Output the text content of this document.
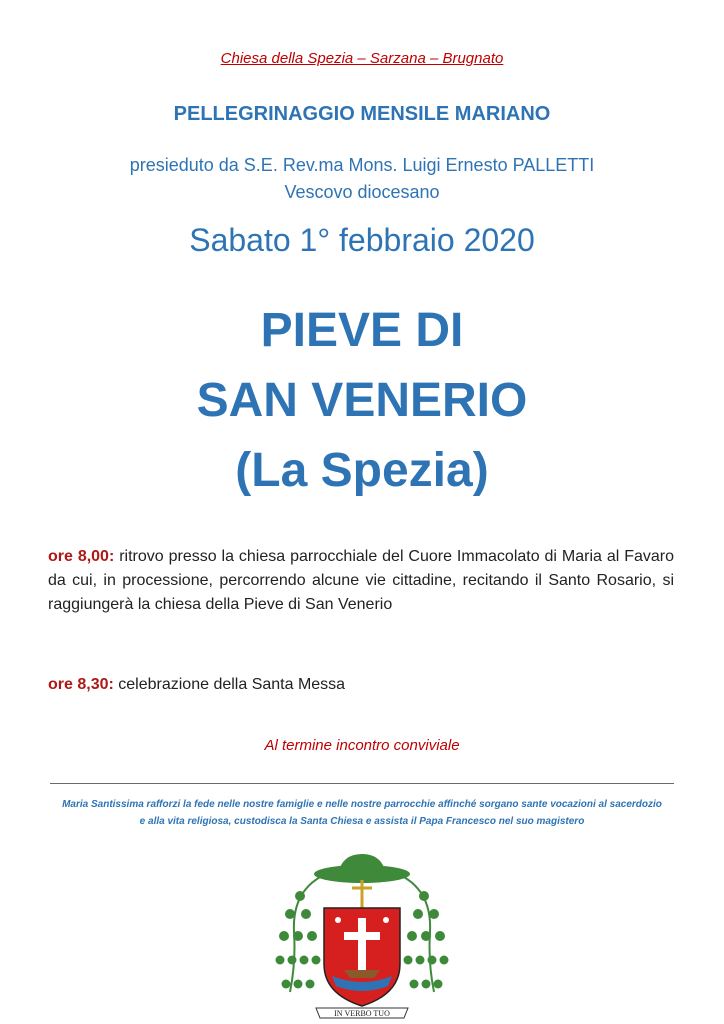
Chiesa della Spezia – Sarzana – Brugnato
PELLEGRINAGGIO MENSILE MARIANO
presieduto da S.E. Rev.ma Mons. Luigi Ernesto PALLETTI
Vescovo diocesano
Sabato 1° febbraio 2020
PIEVE DI
SAN VENERIO
(La Spezia)
ore 8,00: ritrovo presso la chiesa parrocchiale del Cuore Immacolato di Maria al Favaro da cui, in processione, percorrendo alcune vie cittadine, recitando il Santo Rosario, si raggiungerà la chiesa della Pieve di San Venerio
ore 8,30: celebrazione della Santa Messa
Al termine incontro conviviale
Maria Santissima rafforzi la fede nelle nostre famiglie e nelle nostre parrocchie affinché sorgano sante vocazioni al sacerdozio e alla vita religiosa, custodisca la Santa Chiesa e assista il Papa Francesco nel suo magistero
IN VERBO TUO
